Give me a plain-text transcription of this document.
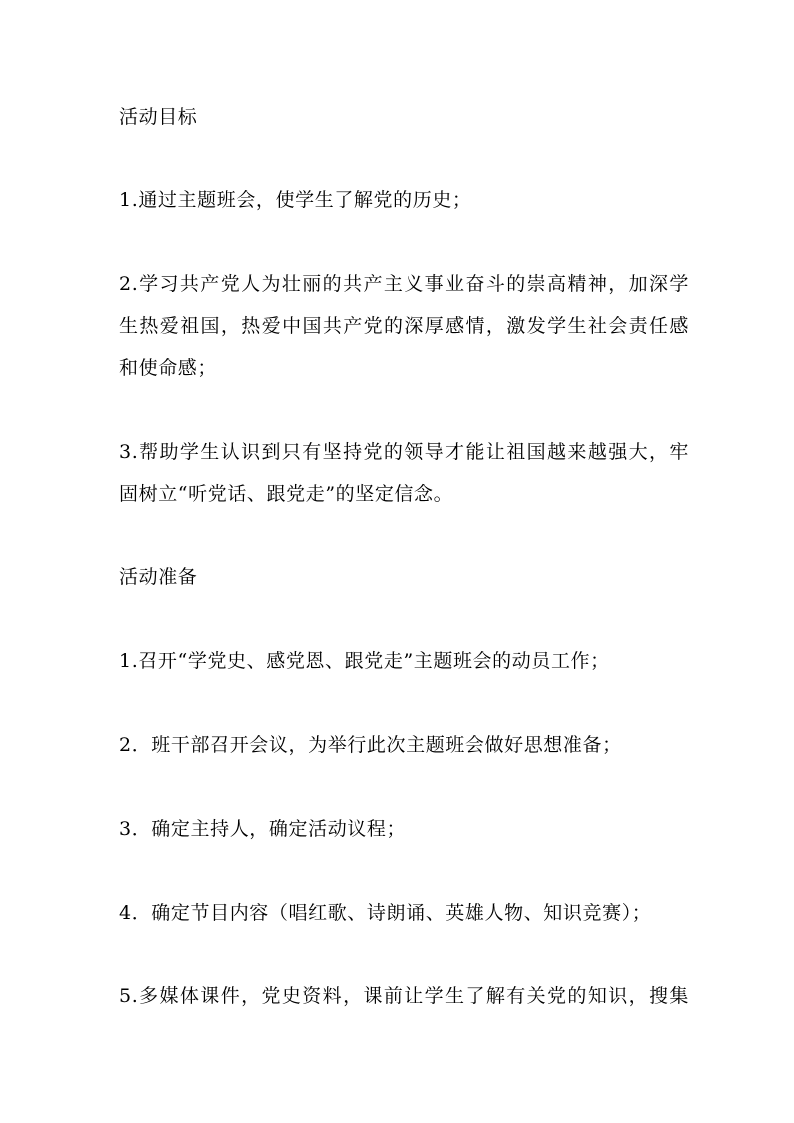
活动目标
1.通过主题班会，使学生了解党的历史；
2.学习共产党人为壮丽的共产主义事业奋斗的崇高精神，加深学
生热爱祖国，热爱中国共产党的深厚感情，激发学生社会责任感
和使命感；
3.帮助学生认识到只有坚持党的领导才能让祖国越来越强大，牢
固树立“听党话、跟党走”的坚定信念。
活动准备
1.召开“学党史、感党恩、跟党走”主题班会的动员工作；
2．班干部召开会议，为举行此次主题班会做好思想准备；
3．确定主持人，确定活动议程；
4．确定节目内容（唱红歌、诗朗诵、英雄人物、知识竞赛）；
5.多媒体课件，党史资料，课前让学生了解有关党的知识，搜集
